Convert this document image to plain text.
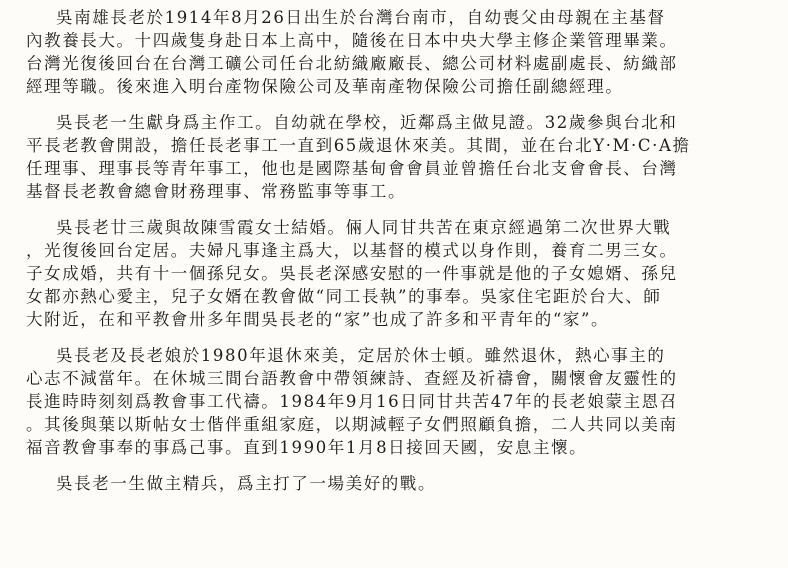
吳南雄長老於1914年8月26日出生於台灣台南市，自幼喪父由母親在主基督
內教養長大。十四歲隻身赴日本上高中，隨後在日本中央大學主修企業管理畢業。
台灣光復後回台在台灣工礦公司任台北紡織廠廠長、總公司材料處副處長、紡織部
經理等職。後來進入明台產物保險公司及華南產物保險公司擔任副總經理。
吳長老一生獻身爲主作工。自幼就在學校，近鄰爲主做見證。32歲參與台北和
平長老教會開設，擔任長老事工一直到65歲退休來美。其間，並在台北Y·M·C·A擔
任理事、理事長等青年事工，他也是國際基甸會會員並曾擔任台北支會會長、台灣
基督長老教會總會財務理事、常務監事等事工。
吳長老廿三歲與故陳雪霞女士結婚。倆人同甘共苦在東京經過第二次世界大戰
，光復後回台定居。夫婦凡事逢主爲大，以基督的模式以身作則，養育二男三女。
子女成婚，共有十一個孫兒女。吳長老深感安慰的一件事就是他的子女媳婿、孫兒
女都亦熱心愛主，兒子女婿在教會做“同工長執”的事奉。吳家住宅距於台大、師
大附近，在和平教會卅多年間吳長老的“家”也成了許多和平青年的“家”。
吳長老及長老娘於1980年退休來美，定居於休士頓。雖然退休，熱心事主的
心志不減當年。在休城三間台語教會中帶領練詩、查經及祈禱會，關懷會友靈性的
長進時時刻刻爲教會事工代禱。1984年9月16日同甘共苦47年的長老娘蒙主恩召
。其後與葉以斯帖女士偕伴重組家庭，以期減輕子女們照顧負擔，二人共同以美南
福音教會事奉的事爲己事。直到1990年1月8日接回天國，安息主懷。
吳長老一生做主精兵，爲主打了一場美好的戰。
